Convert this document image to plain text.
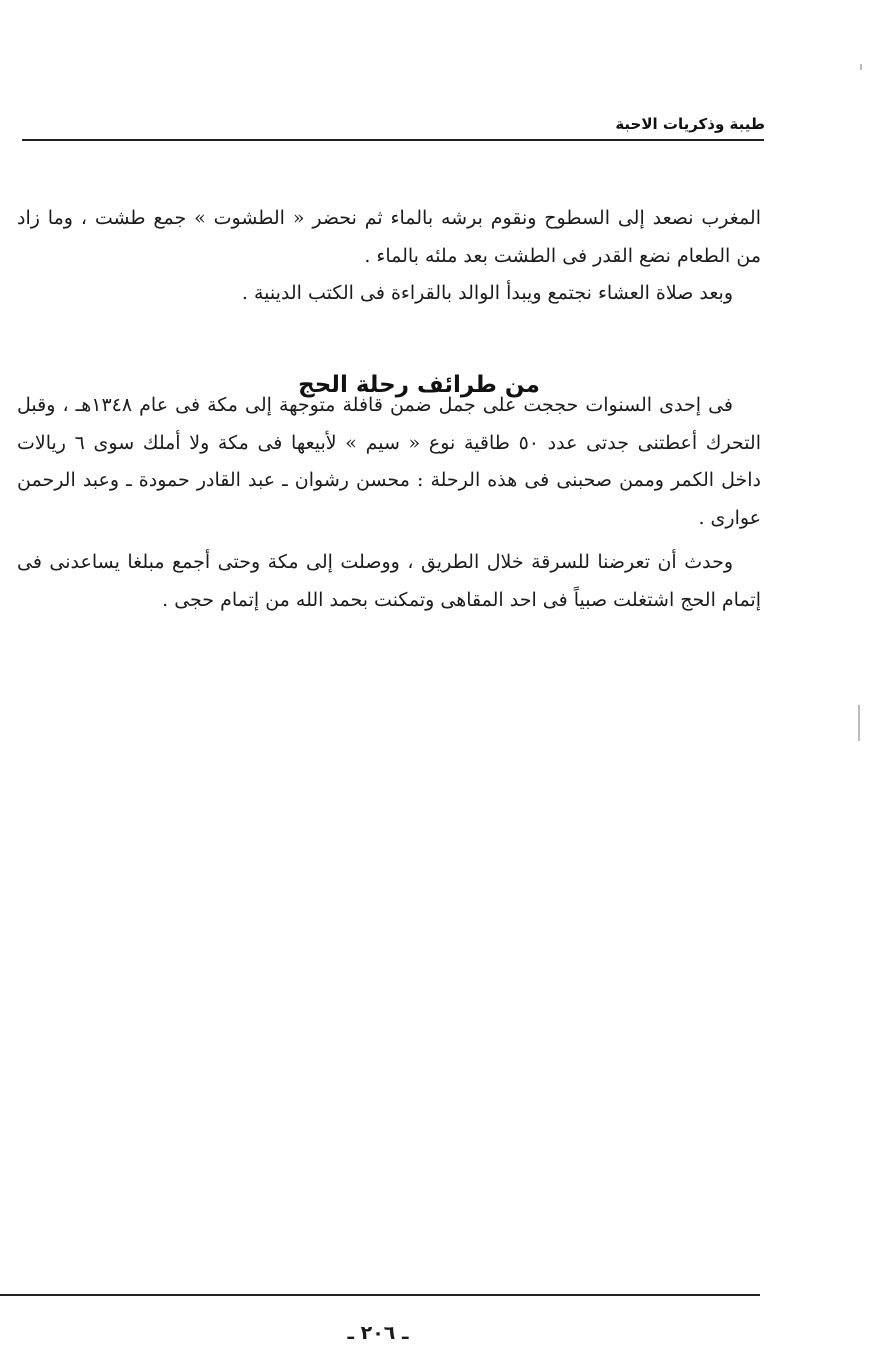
طيبة وذكريات الاحبة

المغرب نصعد إلى السطوح ونقوم برشه بالماء ثم نحضر « الطشوت » جمع طشت ، وما زاد من الطعام نضع القدر فى الطشت بعد ملئه بالماء .

وبعد صلاة العشاء نجتمع ويبدأ الوالد بالقراءة فى الكتب الدينية .

من طرائف رحلة الحج

فى إحدى السنوات حججت على جمل ضمن قافلة متوجهة إلى مكة فى عام ١٣٤٨هـ ، وقبل التحرك أعطتنى جدتى عدد ٥٠ طاقية نوع « سيم » لأبيعها فى مكة ولا أملك سوى ٦ ريالات داخل الكمر وممن صحبنى فى هذه الرحلة : محسن رشوان ـ عبد القادر حمودة ـ وعبد الرحمن عوارى .

وحدث أن تعرضنا للسرقة خلال الطريق ، ووصلت إلى مكة وحتى أجمع مبلغا يساعدنى فى إتمام الحج اشتغلت صبياً فى احد المقاهى وتمكنت بحمد الله من إتمام حجى .

ـ ٢٠٦ ـ
